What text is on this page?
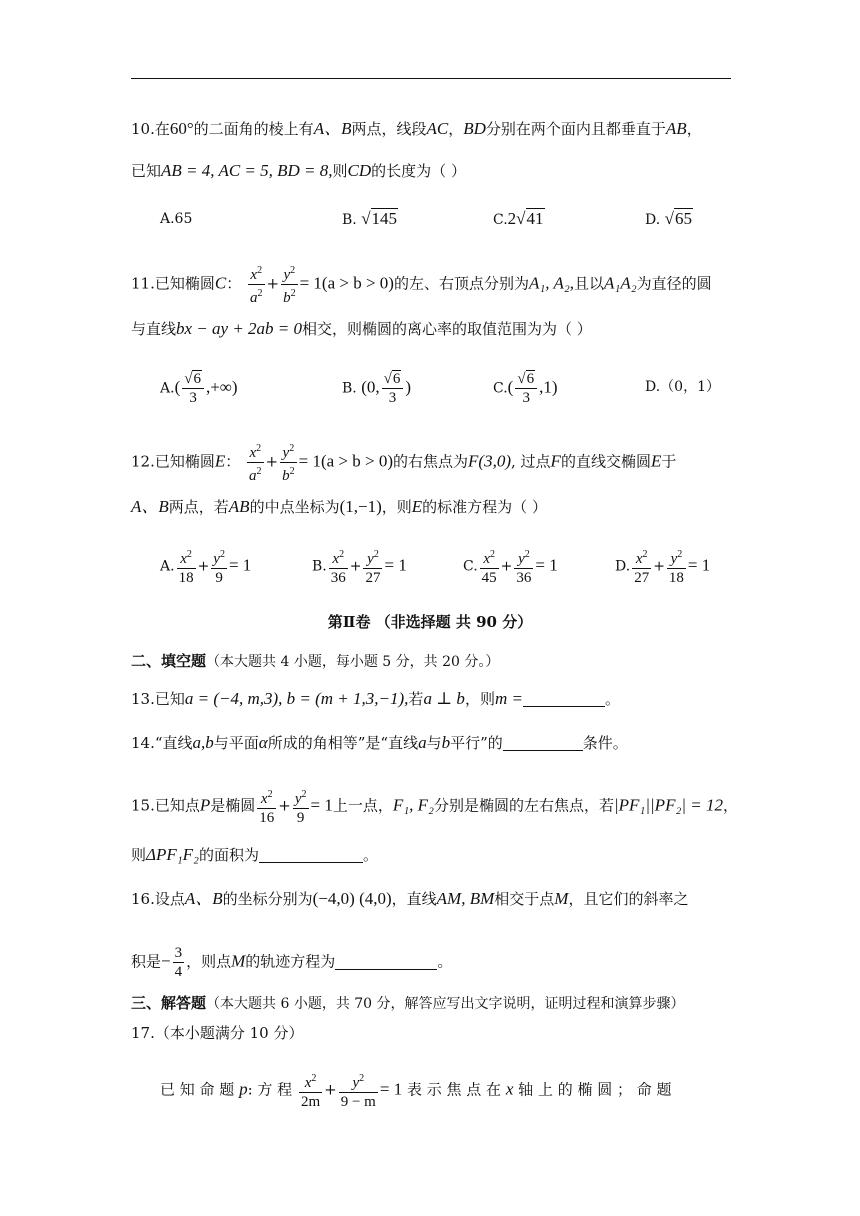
10.在60°的二面角的棱上有A、B两点，线段AC，BD分别在两个面内且都垂直于AB，
已知AB = 4, AC = 5, BD = 8,则CD的长度为（ ）
A.65	B. √145	C.2√41	D. √65
11.已知椭圆C： $\frac{x^2}{a^2} + \frac{y^2}{b^2} = 1(a > b > 0)$的左、右顶点分别为A₁, A₂,且以A₁A₂为直径的圆
与直线bx − ay + 2ab = 0相交，则椭圆的离心率的取值范围为为（ ）
$A.( \frac{√6}{3}$ ,+∞)	B. (0, $\frac{√6}{3}$ )	$C.( \frac{√6}{3} ,1)$	D.（0，1）
12.已知椭圆E： $\frac{x^2}{a^2} + \frac{y^2}{b^2} = 1(a > b > 0)$的右焦点为F(3,0), 过点F的直线交椭圆E于
A、B两点，若AB的中点坐标为(1,−1)，则E的标准方程为（ ）
A. $\frac{x^2}{18} + \frac{y^2}{9} = 1$	B. $\frac{x^2}{36} + \frac{y^2}{27} = 1$	C. $\frac{x^2}{45} + \frac{y^2}{36} = 1$	D. $\frac{x^2}{27} + \frac{y^2}{18} = 1$
第Ⅱ卷 （非选择题 共 90 分）
二、填空题（本大题共 4 小题，每小题 5 分，共 20 分。）
13.已知a = (−4, m,3), b = (m + 1,3,−1),若a ⊥ b，则m =	。
14.“直线a,b与平面α所成的角相等”是“直线a与b平行”的	条件。
15.已知点P是椭圆 $\frac{x^2}{16} + \frac{y^2}{9} = 1$上一点，F₁, F₂分别是椭圆的左右焦点，若|PF₁||PF₂| = 12，
则ΔPF₁F₂的面积为	。
16.设点A、B的坐标分别为(−4,0) (4,0)，直线AM, BM相交于点M，且它们的斜率之
积是− $\frac{3}{4}$ ，则点M的轨迹方程为	。
三、解答题（本大题共 6 小题，共 70 分，解答应写出文字说明，证明过程和演算步骤）
17.（本小题满分 10 分）
已 知 命 题 p: 方 程 $\frac{x^2}{2m} + \frac{y^2}{9 - m} = 1$ 表 示 焦 点 在 x 轴 上 的 椭 圆 ； 命 题
